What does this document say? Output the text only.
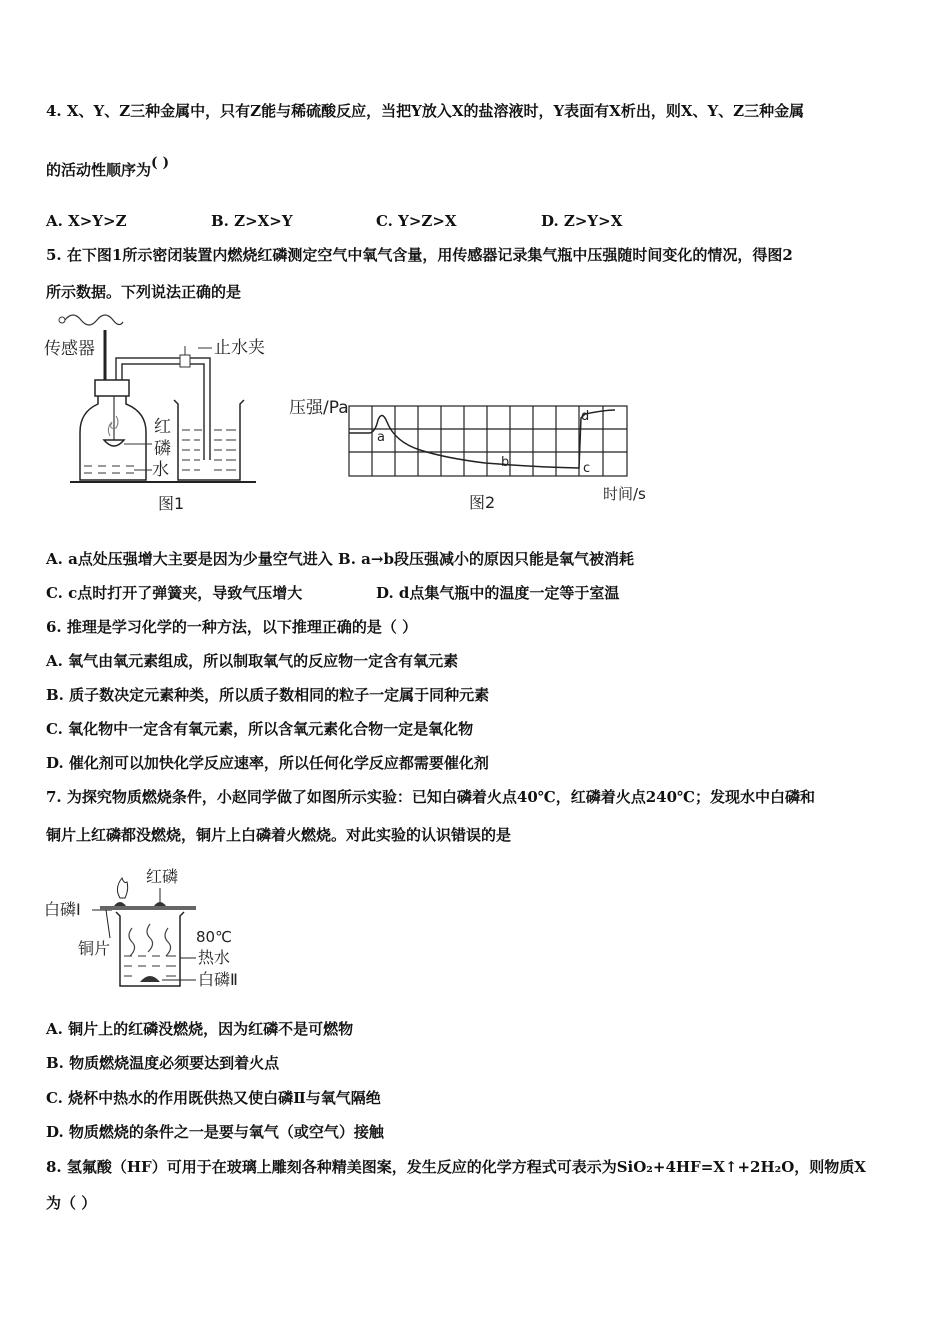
4. X、Y、Z三种金属中，只有Z能与稀硫酸反应，当把Y放入X的盐溶液时，Y表面有X析出，则X、Y、Z三种金属
的活动性顺序为( )
A. X>Y>Z	B. Z>X>Y	C. Y>Z>X	D. Z>Y>X
5. 在下图1所示密闭装置内燃烧红磷测定空气中氧气含量，用传感器记录集气瓶中压强随时间变化的情况，得图2
所示数据。下列说法正确的是
传感器	止水夹
红
磷
水
图1
压强/Pa
a
b	c
d
图2	时间/s
A. a点处压强增大主要是因为少量空气进入 B. a→b段压强减小的原因只能是氧气被消耗
C. c点时打开了弹簧夹，导致气压增大	D. d点集气瓶中的温度一定等于室温
6. 推理是学习化学的一种方法，以下推理正确的是（ ）
A. 氧气由氧元素组成，所以制取氧气的反应物一定含有氧元素
B. 质子数决定元素种类，所以质子数相同的粒子一定属于同种元素
C. 氧化物中一定含有氧元素，所以含氧元素化合物一定是氧化物
D. 催化剂可以加快化学反应速率，所以任何化学反应都需要催化剂
7. 为探究物质燃烧条件，小赵同学做了如图所示实验：已知白磷着火点40℃，红磷着火点240℃；发现水中白磷和
铜片上红磷都没燃烧，铜片上白磷着火燃烧。对此实验的认识错误的是
红磷
白磷Ⅰ
铜片
80℃
热水
白磷Ⅱ
A. 铜片上的红磷没燃烧，因为红磷不是可燃物
B. 物质燃烧温度必须要达到着火点
C. 烧杯中热水的作用既供热又使白磷Ⅱ与氧气隔绝
D. 物质燃烧的条件之一是要与氧气（或空气）接触
8. 氢氟酸（HF）可用于在玻璃上雕刻各种精美图案，发生反应的化学方程式可表示为SiO₂+4HF=X↑+2H₂O，则物质X
为（ ）
